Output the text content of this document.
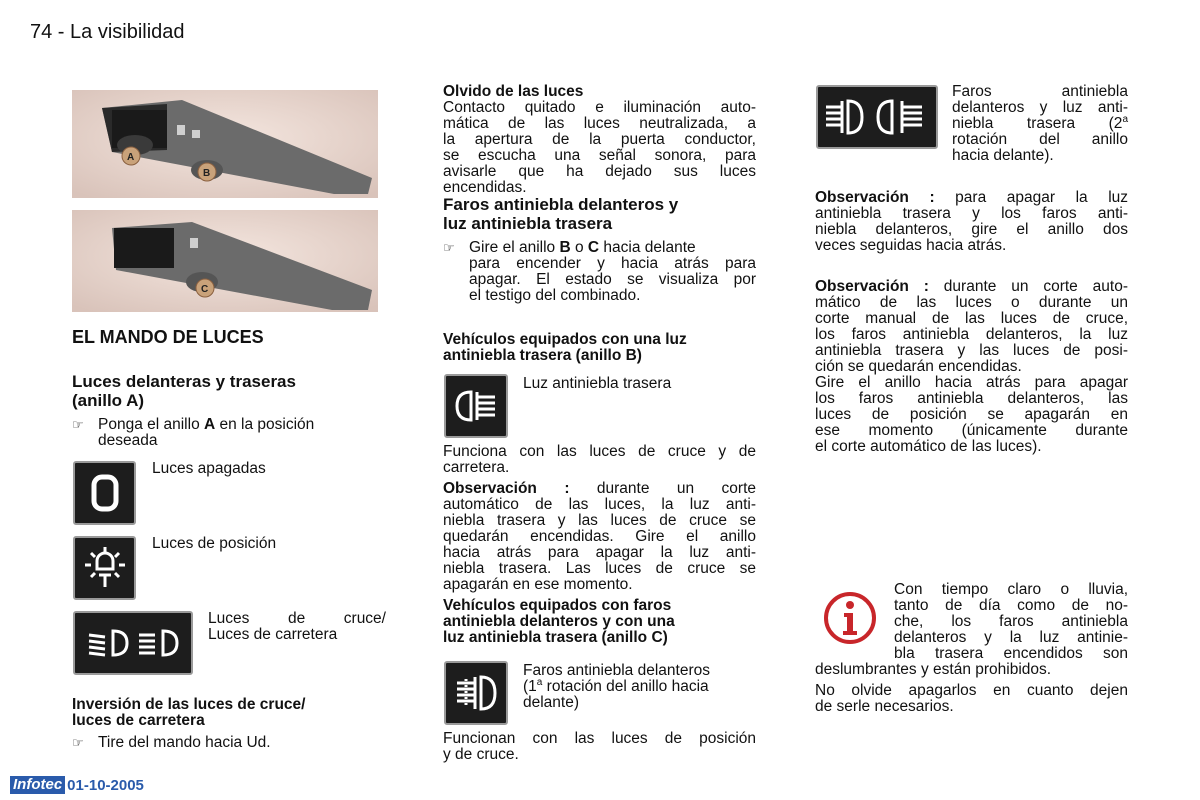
74 - La visibilidad
A
B
C
EL MANDO DE LUCES
Luces delanteras y traseras
(anillo A)
☞ Ponga el anillo A en la posición
deseada
Luces apagadas
Luces de posición
Luces de cruce/
Luces de carretera
Inversión de las luces de cruce/
luces de carretera
☞ Tire del mando hacia Ud.
Olvido de las luces
Contacto quitado e iluminación auto-
mática de las luces neutralizada, a
la apertura de la puerta conductor,
se escucha una señal sonora, para
avisarle que ha dejado sus luces
encendidas.
Faros antiniebla delanteros y
luz antiniebla trasera
☞ Gire el anillo B o C hacia delante
para encender y hacia atrás para
apagar. El estado se visualiza por
el testigo del combinado.
Vehículos equipados con una luz
antiniebla trasera (anillo B)
Luz antiniebla trasera
Funciona con las luces de cruce y de
carretera.
Observación : durante un corte
automático de las luces, la luz anti-
niebla trasera y las luces de cruce se
quedarán encendidas. Gire el anillo
hacia atrás para apagar la luz anti-
niebla trasera. Las luces de cruce se
apagarán en ese momento.
Vehículos equipados con faros
antiniebla delanteros y con una
luz antiniebla trasera (anillo C)
Faros antiniebla delanteros
(1$^a$ rotación del anillo hacia
delante)
Funcionan con las luces de posición
y de cruce.
Faros antiniebla
delanteros y luz anti-
niebla trasera (2$^a$
rotación del anillo
hacia delante).
Observación : para apagar la luz
antiniebla trasera y los faros anti-
niebla delanteros, gire el anillo dos
veces seguidas hacia atrás.
Observación : durante un corte auto-
mático de las luces o durante un
corte manual de las luces de cruce,
los faros antiniebla delanteros, la luz
antiniebla trasera y las luces de posi-
ción se quedarán encendidas.
Gire el anillo hacia atrás para apagar
los faros antiniebla delanteros, las
luces de posición se apagarán en
ese momento (únicamente durante
el corte automático de las luces).
Con tiempo claro o lluvia,
tanto de día como de no-
che, los faros antiniebla
delanteros y la luz antinie-
bla trasera encendidos son
deslumbrantes y están prohibidos.
No olvide apagarlos en cuanto dejen
de serle necesarios.
Infotec 01-10-2005
